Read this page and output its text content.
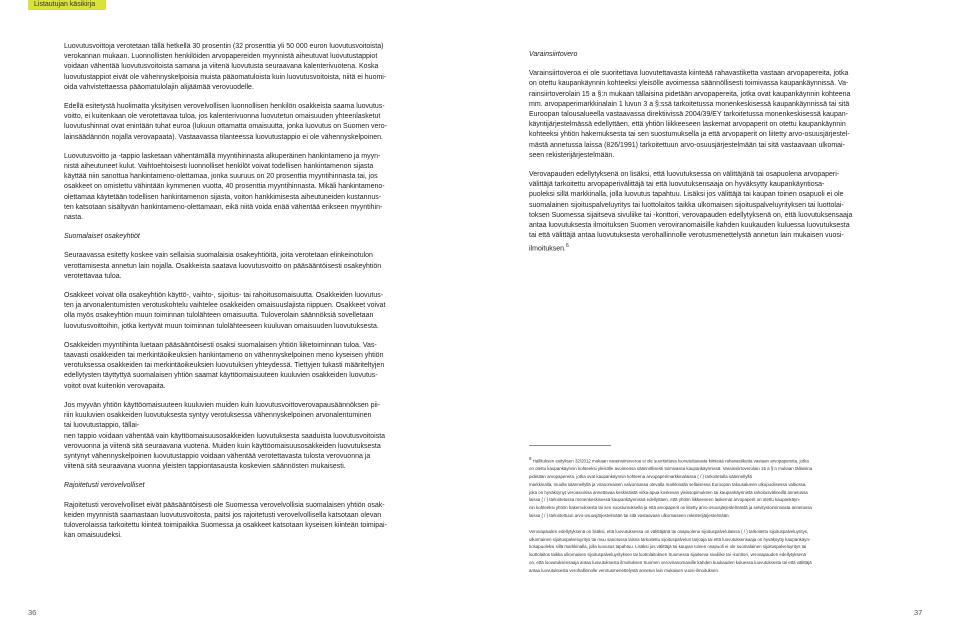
Listautujan käsikirja

Luovutusvoittoja verotetaan tällä hetkellä 30 prosentin (32 prosenttia yli 50 000 euron luovutusvoitoista)
verokannan mukaan. Luonnollisten henkilöiden arvopapereiden myynnistä aiheutuvat luovutustappiot
voidaan vähentää luovutusvoitoista samana ja viitenä luovutusta seuraavana kalenterivuotena. Koska
luovutustappiot eivät ole vähennyskelpoisia muista pääomatuloista kuin luovutusvoitoista, niitä ei huomi-
oida vahvistettaessa pääomatulolajin alijäämää verovuodelle.

Edellä esitetystä huolimatta yksityisen verovelvollisen luonnollisen henkilön osakkeista saama luovutus-
voitto, ei kuitenkaan ole verotettavaa tuloa, jos kalenterivuonna luovutetun omaisuuden yhteenlasketut
luovutushinnat ovat enintään tuhat euroa (lukuun ottamatta omaisuutta, jonka luovutus on Suomen vero-
lainsäädännön nojalla verovapaata). Vastaavassa tilanteessa luovutustappio ei ole vähennyskelpoinen.

Luovutusvoitto ja -tappio lasketaan vähentämällä myyntihinnasta alkuperäinen hankintameno ja myyn-
nistä aiheutuneet kulut. Vaihtoehtoisesti luonnolliset henkilöt voivat todellisen hankintamenon sijasta
käyttää niin sanottua hankintameno-olettamaa, jonka suuruus on 20 prosenttia myyntihinnasta tai, jos
osakkeet on omistettu vähintään kymmenen vuotta, 40 prosenttia myyntihinnasta. Mikäli hankintameno-
olettamaa käytetään todellisen hankintamenon sijasta, voiton hankkimisesta aiheutuneiden kustannus-
ten katsotaan sisältyvän hankintameno-olettamaan, eikä niitä voida enää vähentää erikseen myyntihin-
nasta.

Suomalaiset osakeyhtiöt

Seuraavassa esitetty koskee vain sellaisia suomalaisia osakeyhtiöitä, joita verotetaan elinkeinotulon
verottamisesta annetun lain nojalla. Osakkeista saatava luovutusvoitto on pääsääntöisesti osakeyhtiön
verotettavaa tuloa.

Osakkeet voivat olla osakeyhtiön käyttö-, vaihto-, sijoitus- tai rahoitusomaisuutta. Osakkeiden luovutus-
ten ja arvonalentumisten verotuskohtelu vaihtelee osakkeiden omaisuuslajista riippuen. Osakkeet voivat
olla myös osakeyhtiön muun toiminnan tulolähteen omaisuutta. Tuloverolain säännöksiä sovelletaan
luovutusvoittoihin, jotka kertyvät muun toiminnan tulolähteeseen kuuluvan omaisuuden luovutuksesta.

Osakkeiden myyntihinta luetaan pääsääntöisesti osaksi suomalaisen yhtiön liiketoiminnan tuloa. Vas-
taavasti osakkeiden tai merkintäoikeuksien hankintameno on vähennyskelpoinen meno kyseisen yhtiön
verotuksessa osakkeiden tai merkintäoikeuksien luovutuksen yhteydessä. Tiettyjen tukasti määriteltyjen
edellytysten täyttyttyä suomalaisen yhtiön saamat käyttöomaisuuteen kuuluvien osakkeiden luovutus-
voitot ovat kuitenkin verovapaita.

Jos myyvän yhtiön käyttöomaisuuteen kuuluvien muiden kuin luovutusvoittoverovapausäännöksen pii-
riin kuuluvien osakkeiden luovutuksesta syntyy verotuksessa vähennyskelpoinen arvonalentuminen
tai luovutustappio, tällai-
nen tappio voidaan vähentää vain käyttöomaisuusosakkeiden luovutuksesta saaduista luovutusvoitoista
verovuonna ja viitenä sitä seuraavana vuotena. Muiden kuin käyttöomaisuusosakkeiden luovutuksesta
syntynyt vähennyskelpoinen luovutustappio voidaan vähentää verotettavasta tulosta verovuonna ja
viitenä sitä seuraavana vuonna yleisten tappiontasausta koskevien säännösten mukaisesti.

Rajoitetusti verovelvolliset

Rajoitetusti verovelvolliset eivät pääsääntöisesti ole Suomessa verovelvollisia suomalaisen yhtiön osak-
keiden myynnistä saamastaan luovutusvoitosta, paitsi jos rajoitetusti verovelvollisella katsotaan olevan
tuloverolaissa tarkoitettu kiinteä toimipaikka Suomessa ja osakkeet katsotaan kyseisen kiinteän toimipai-
kan omaisuudeksi.

Varainsiirtovero

Varainsiirtoveroa ei ole suoritettava luovutettavasta kiinteää rahavastiketta vastaan arvopapereita, jotka
on otettu kaupankäynnin kohteeksi yleisölle avoimessa säännöllisesti toimivassa kaupankäynnissä. Va-
rainsiirtoverolain 15 a §:n mukaan tällaisina pidetään arvopapereita, jotka ovat kaupankäynnin kohteena
mm. arvopaperimarkkinalain 1 luvun 3 a §:ssä tarkoitetussa monenkeskisessä kaupankäynnissä tai sitä
Euroopan talousalueella vastaavassa direktiivissä 2004/39/EY tarkoitetussa monenkeskisessä kaupan-
käyntijärjestelmässä edellyttäen, että yhtiön liikkeeseen laskemat arvopaperit on otettu kaupankäynnin
kohteeksi yhtiön hakemuksesta tai sen suostumuksella ja että arvopaperit on liitetty arvo-osuusjärjestel-
mästä annetussa laissa (826/1991) tarkoitettuun arvo-osuusjärjestelmään tai sitä vastaavaan ulkomai-
seen rekisterijärjestelmään.

Verovapauden edellytyksenä on lisäksi, että luovutuksessa on välittäjänä tai osapuolena arvopaperi-
välittäjä tarkoitettu arvopaperivälittäjä tai että luovutuksensaaja on hyväksytty kaupankäyntiosa-
puoleksi sillä markkinalla, jolla luovutus tapahtuu. Lisäksi jos välittäjä tai kaupan toinen osapuoli ei ole
suomalainen sijoituspalveluyritys tai luottolaitos taikka ulkomaisen sijoituspalveluyrityksen tai luottolai-
toksen Suomessa sijaitseva sivuliike tai -konttori, verovapauden edellytyksenä on, että luovutuksensaaja
antaa luovutuksesta ilmoituksen Suomen veroviranomaisille kahden kuukauden kuluessa luovutuksesta
tai että välittäjä antaa luovutuksesta verohallinnolle verotusmenettelystä annetun lain mukaisen vuosi-
ilmoituksen.$^6$

$^6$ Hallituksen esityksen 32/2012 mukaan varainsiirtoveroa ei ole suoritettava luovutettavasta kiinteää rahavastiketta vastaan arvopapereita, jotka
on otettu kaupankäynnin kohteeksi yleisölle avoimessa säännöllisesti toimivassa kaupankäynnissä. Varainsiirtoverolain 15 a §:n mukaan tällaisina
pidetään arvopapereita, jotka ovat kaupankäynnin kohteena arvopaperimarkkinalaissa ( / ) tarkoitetulla säännellyllä
markkinalla, muulla säännellyllä ja viranomaisen valvonnassa olevalla markkinalla sellaisessa Euroopan talousalueen ulkopuolisessa valtiossa,
joka on hyväksynyt veroasioissa annettavaa keskinäistä virka-apua koskevan yleissopimuksen tai kaupankäynnistä rahoitusvälineillä annetussa
laissa ( / ) tarkoitetussa monenkeskisessä kaupankäynnissä edellyttäen, että yhtiön liikkeeseen laskemat arvopaperit on otettu kaupankäyn-
nin kohteeksi yhtiön hakemuksesta tai sen suostumuksella ja että arvopaperit on liitetty arvo-osuusjärjestelmästä ja selvitystoiminnasta annetussa
laissa ( / ) tarkoitettuun arvo-osuusjärjestelmään tai sitä vastaavaan ulkomaiseen rekisterijärjestelmään.

Verovapauden edellytyksenä on lisäksi, että luovutuksessa on välittäjänä tai osapuolena sijoituspalvelulaissa ( / ) tarkoitettu sijoituspalveluyritys,
ulkomainen sijoituspalveluyritys tai muu sanotussa laissa tarkoitettu sijoituspalvelun tarjoaja tai että luovutuksensaaja on hyväksytty kaupankäyn-
tiosapuoleksi sillä markkinalla, jolla luovutus tapahtuu. Lisäksi jos välittäjä tai kaupan toinen osapuoli ei ole suomalainen sijoituspalveluyritys tai
luottolaitos taikka ulkomaisen sijoituspalveluyrityksen tai luottolaitoksen Suomessa sijaitseva sivuliike tai -konttori, verovapauden edellytyksenä
on, että luovutuksensaaja antaa luovutuksesta ilmoituksen Suomen veroviranomaisille kahden kuukauden kuluessa luovutuksesta tai että välittäjä
antaa luovutuksesta verohallinnolle verotusmenettelystä annetun lain mukaisen vuosi-ilmoituksen.

36	37
